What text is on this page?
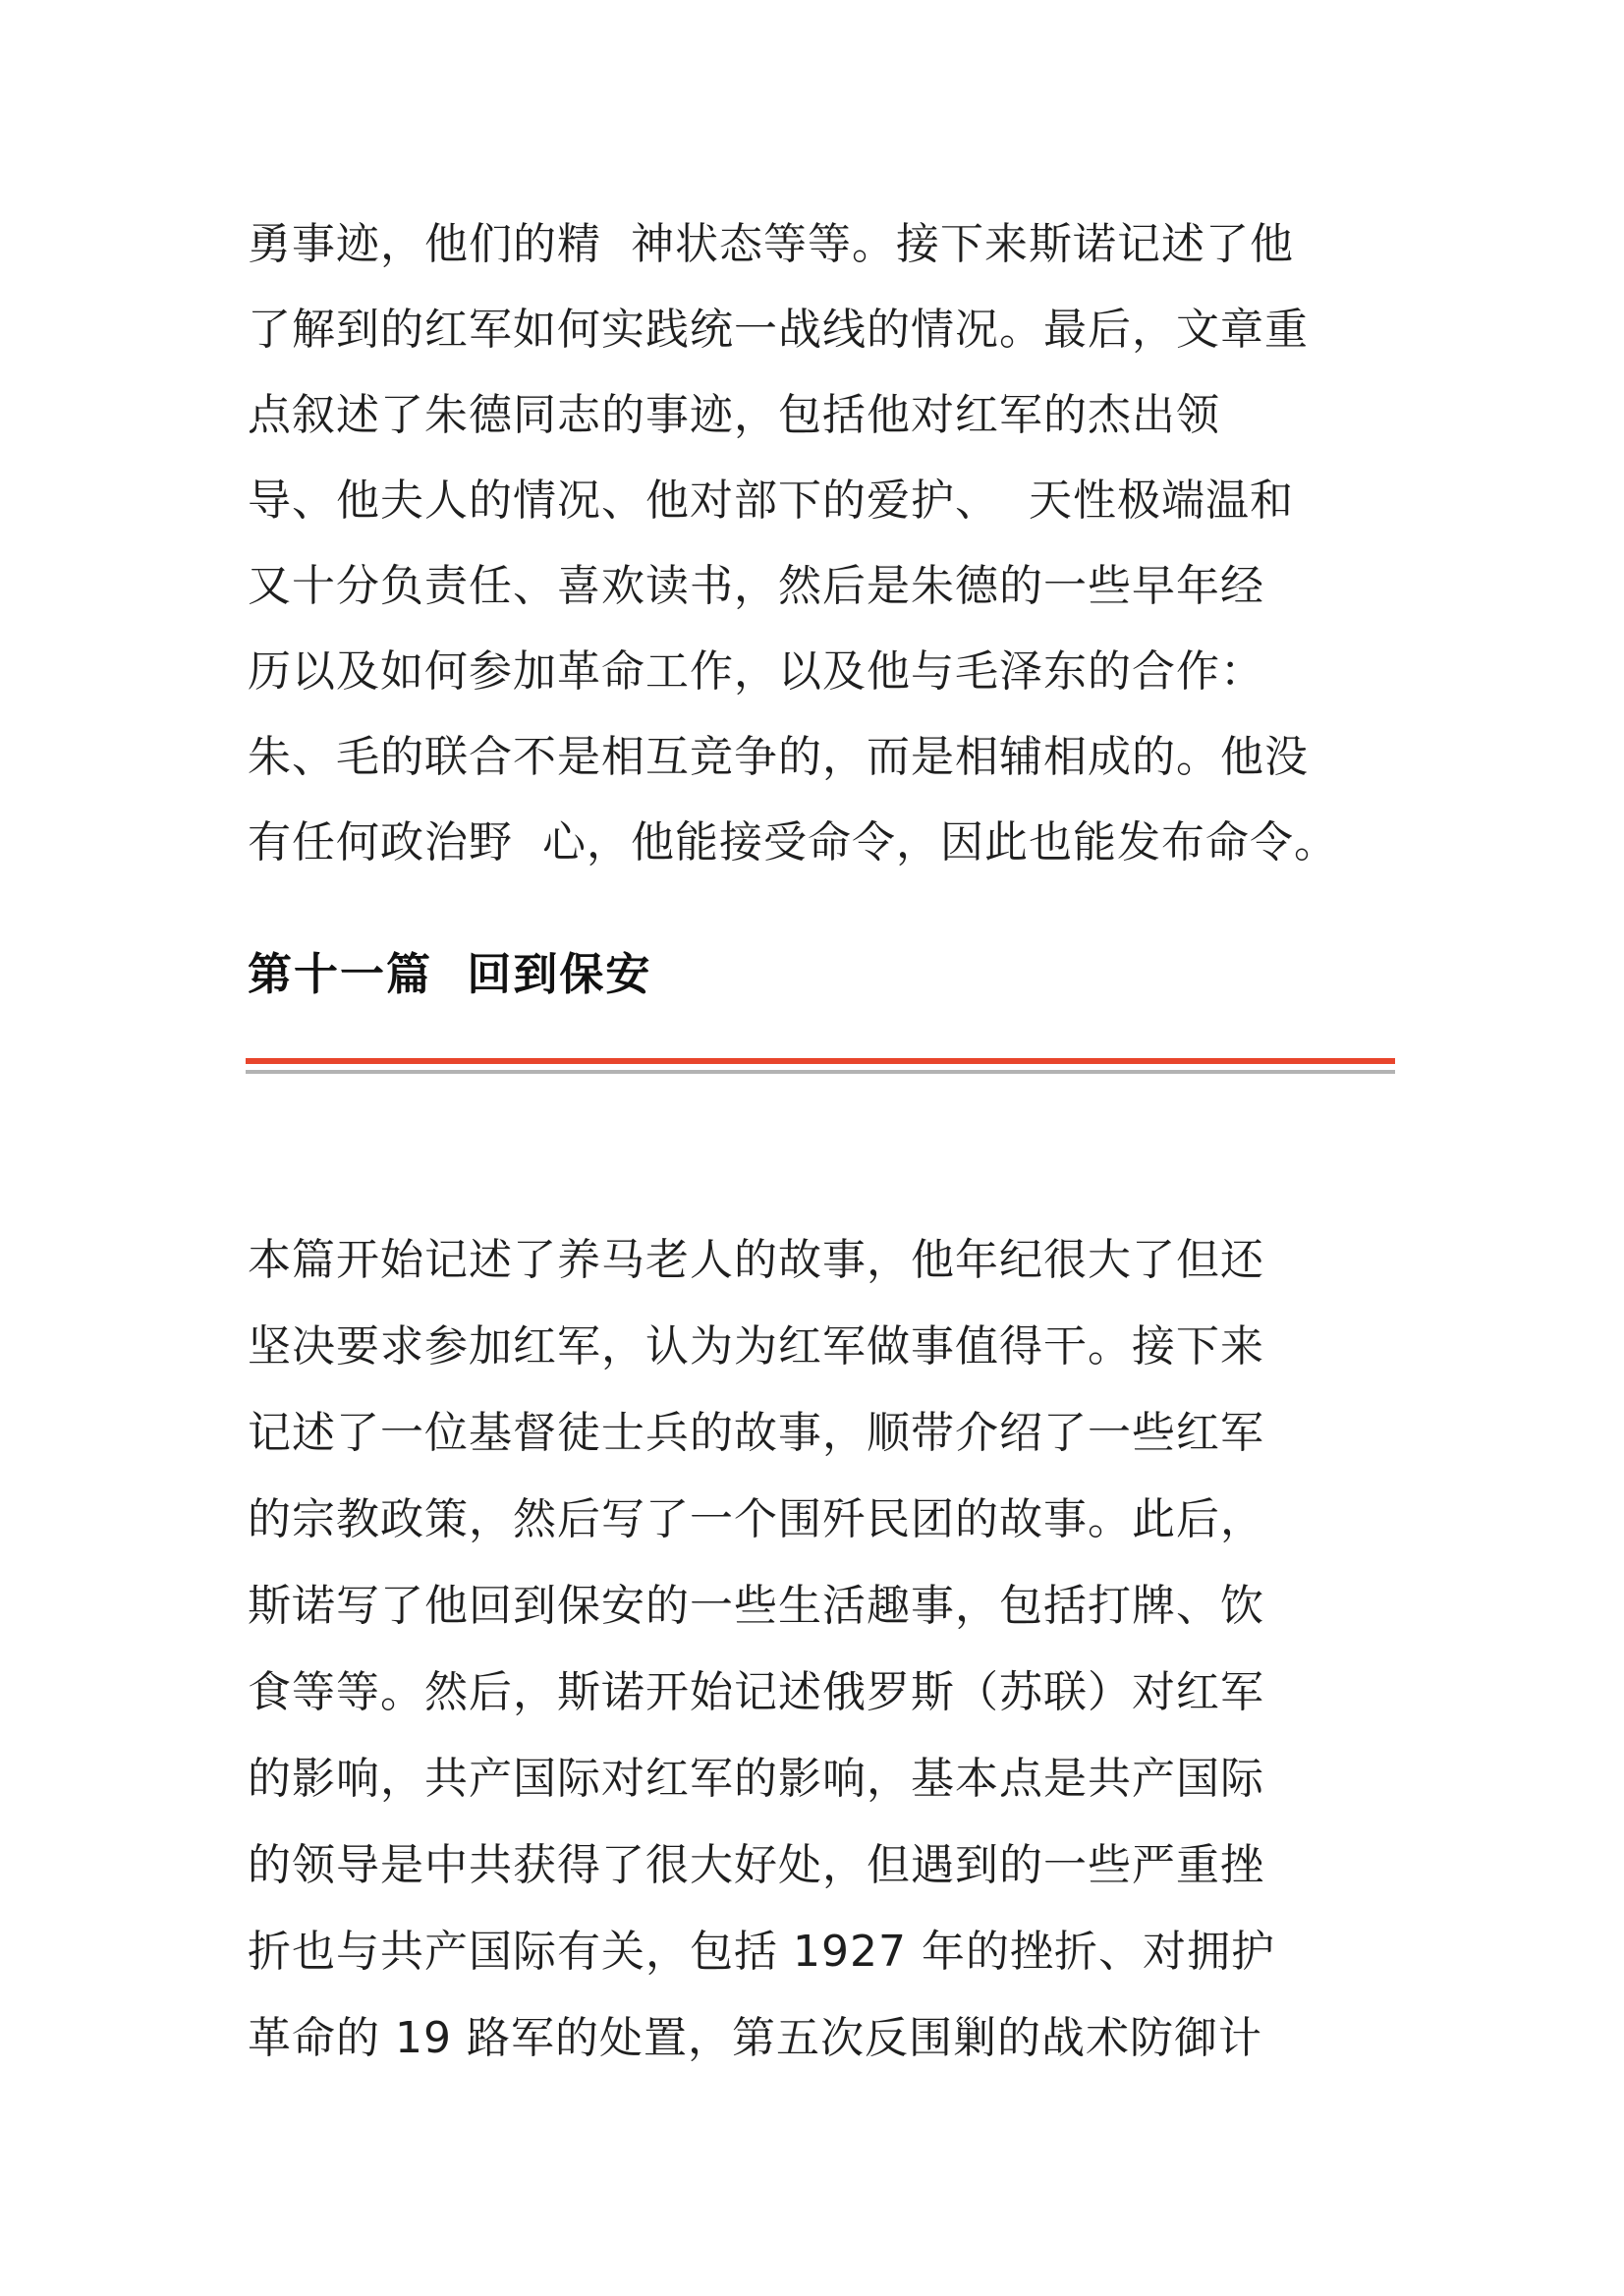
勇事迹，他们的精  神状态等等。接下来斯诺记述了他
了解到的红军如何实践统一战线的情况。最后，文章重
点叙述了朱德同志的事迹，包括他对红军的杰出领
导、他夫人的情况、他对部下的爱护、  天性极端温和
又十分负责任、喜欢读书，然后是朱德的一些早年经
历以及如何参加革命工作，以及他与毛泽东的合作：
朱、毛的联合不是相互竞争的，而是相辅相成的。他没
有任何政治野  心，他能接受命令，因此也能发布命令。
第十一篇  回到保安
本篇开始记述了养马老人的故事，他年纪很大了但还
坚决要求参加红军，认为为红军做事值得干。接下来
记述了一位基督徒士兵的故事，顺带介绍了一些红军
的宗教政策，然后写了一个围歼民团的故事。此后，
斯诺写了他回到保安的一些生活趣事，包括打牌、饮
食等等。然后，斯诺开始记述俄罗斯（苏联）对红军
的影响，共产国际对红军的影响，基本点是共产国际
的领导是中共获得了很大好处，但遇到的一些严重挫
折也与共产国际有关，包括 1927 年的挫折、对拥护
革命的 19 路军的处置，第五次反围剿的战术防御计
